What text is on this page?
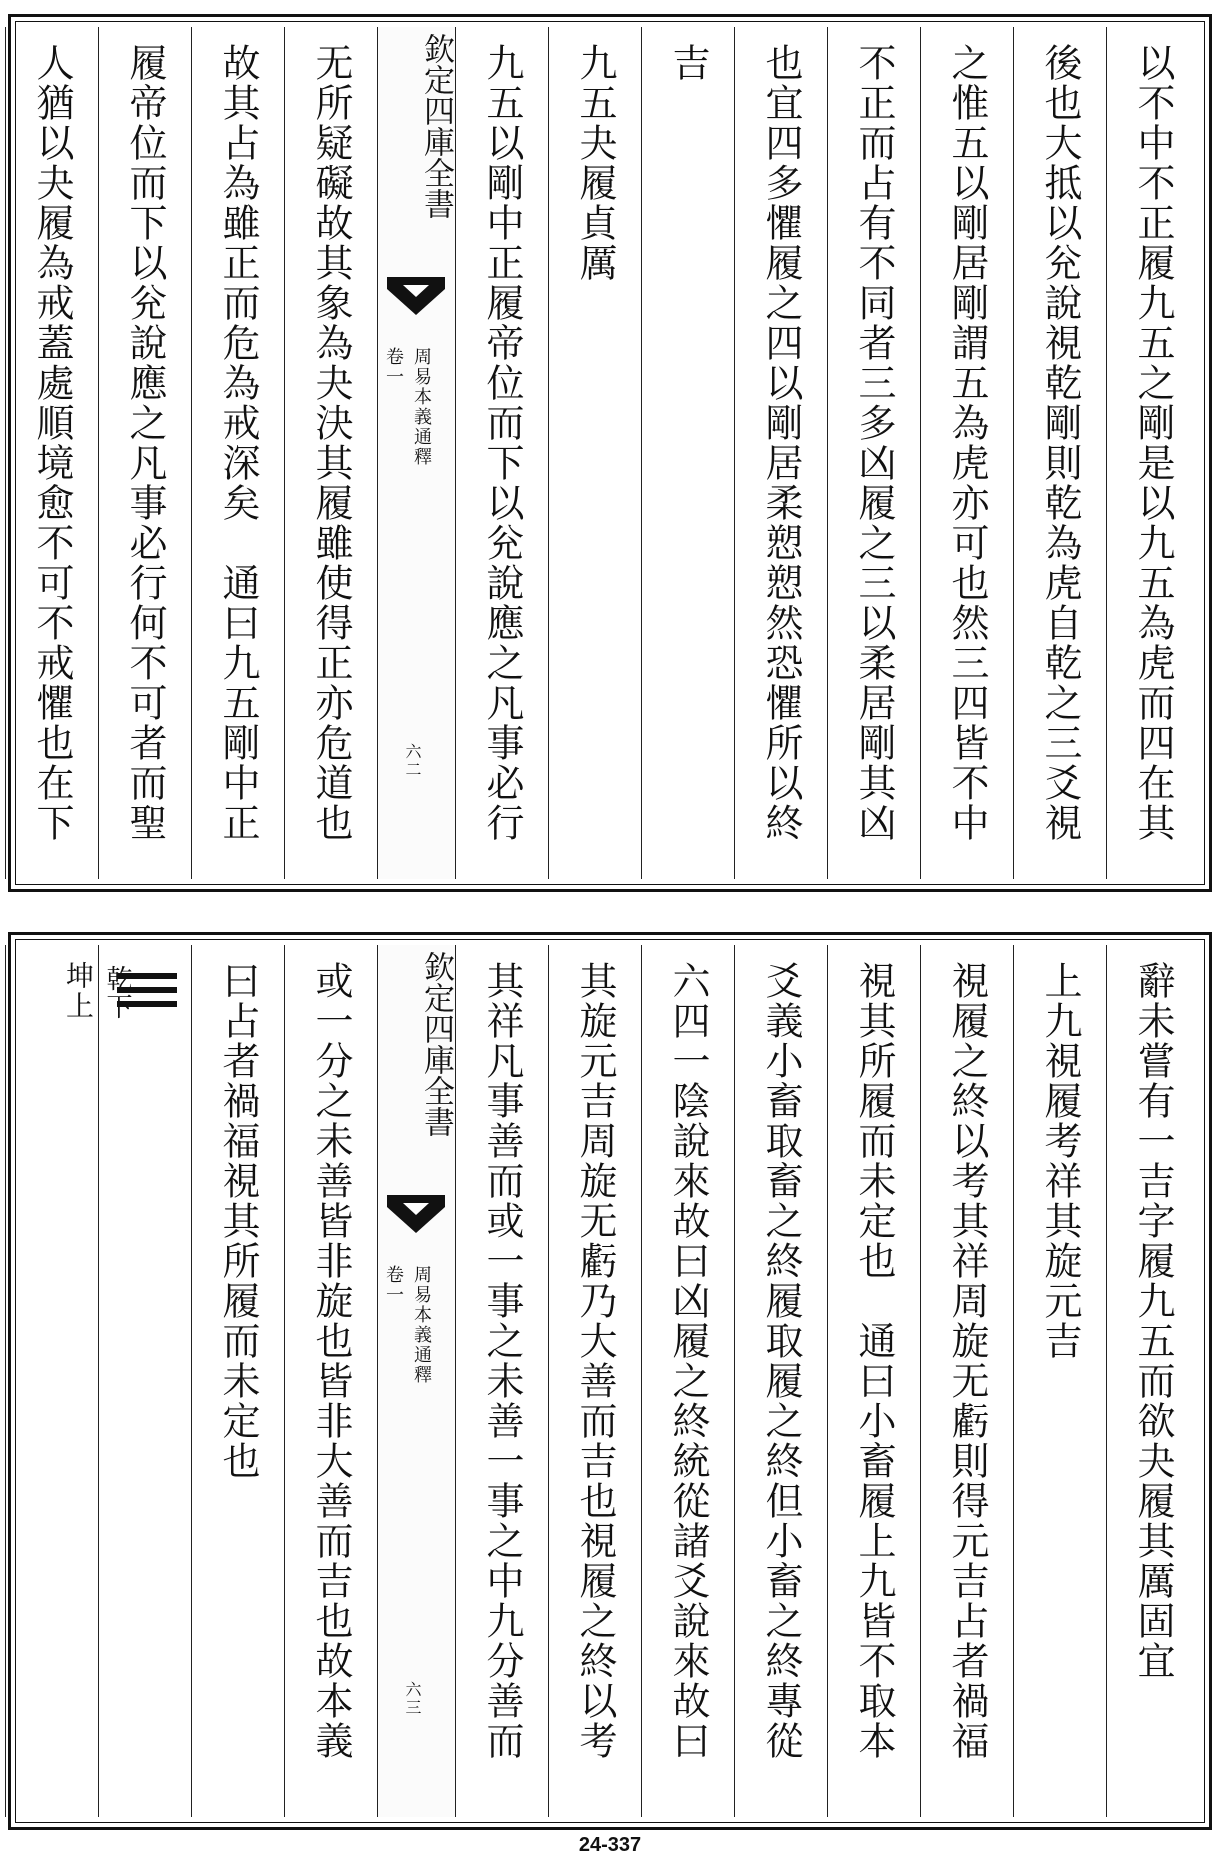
以不中不正履九五之剛是以九五為虎而四在其
後也大抵以兊說視乾剛則乾為虎自乾之三爻視
之惟五以剛居剛謂五為虎亦可也然三四皆不中
不正而占有不同者三多凶履之三以柔居剛其凶
也宜四多懼履之四以剛居柔愬愬然恐懼所以終
吉
九五夬履貞厲
九五以剛中正履帝位而下以兊說應之凡事必行
欽定四庫全書
周易本義通釋
卷一
六二
无所疑礙故其象為夬決其履雖使得正亦危道也
故其占為雖正而危為戒深矣　通曰九五剛中正
履帝位而下以兊說應之凡事必行何不可者而聖
人猶以夬履為戒蓋處順境愈不可不戒懼也在下
辭未嘗有一吉字履九五而欲夬履其厲固宜
上九視履考祥其旋元吉
視履之終以考其祥周旋无虧則得元吉占者禍福
視其所履而未定也　通曰小畜履上九皆不取本
爻義小畜取畜之終履取履之終但小畜之終專從
六四一陰說來故曰凶履之終統從諸爻說來故曰
其旋元吉周旋无虧乃大善而吉也視履之終以考
其祥凡事善而或一事之未善一事之中九分善而
欽定四庫全書
周易本義通釋
卷一
六三
或一分之未善皆非旋也皆非大善而吉也故本義
曰占者禍福視其所履而未定也
乾下
坤上
24-337
